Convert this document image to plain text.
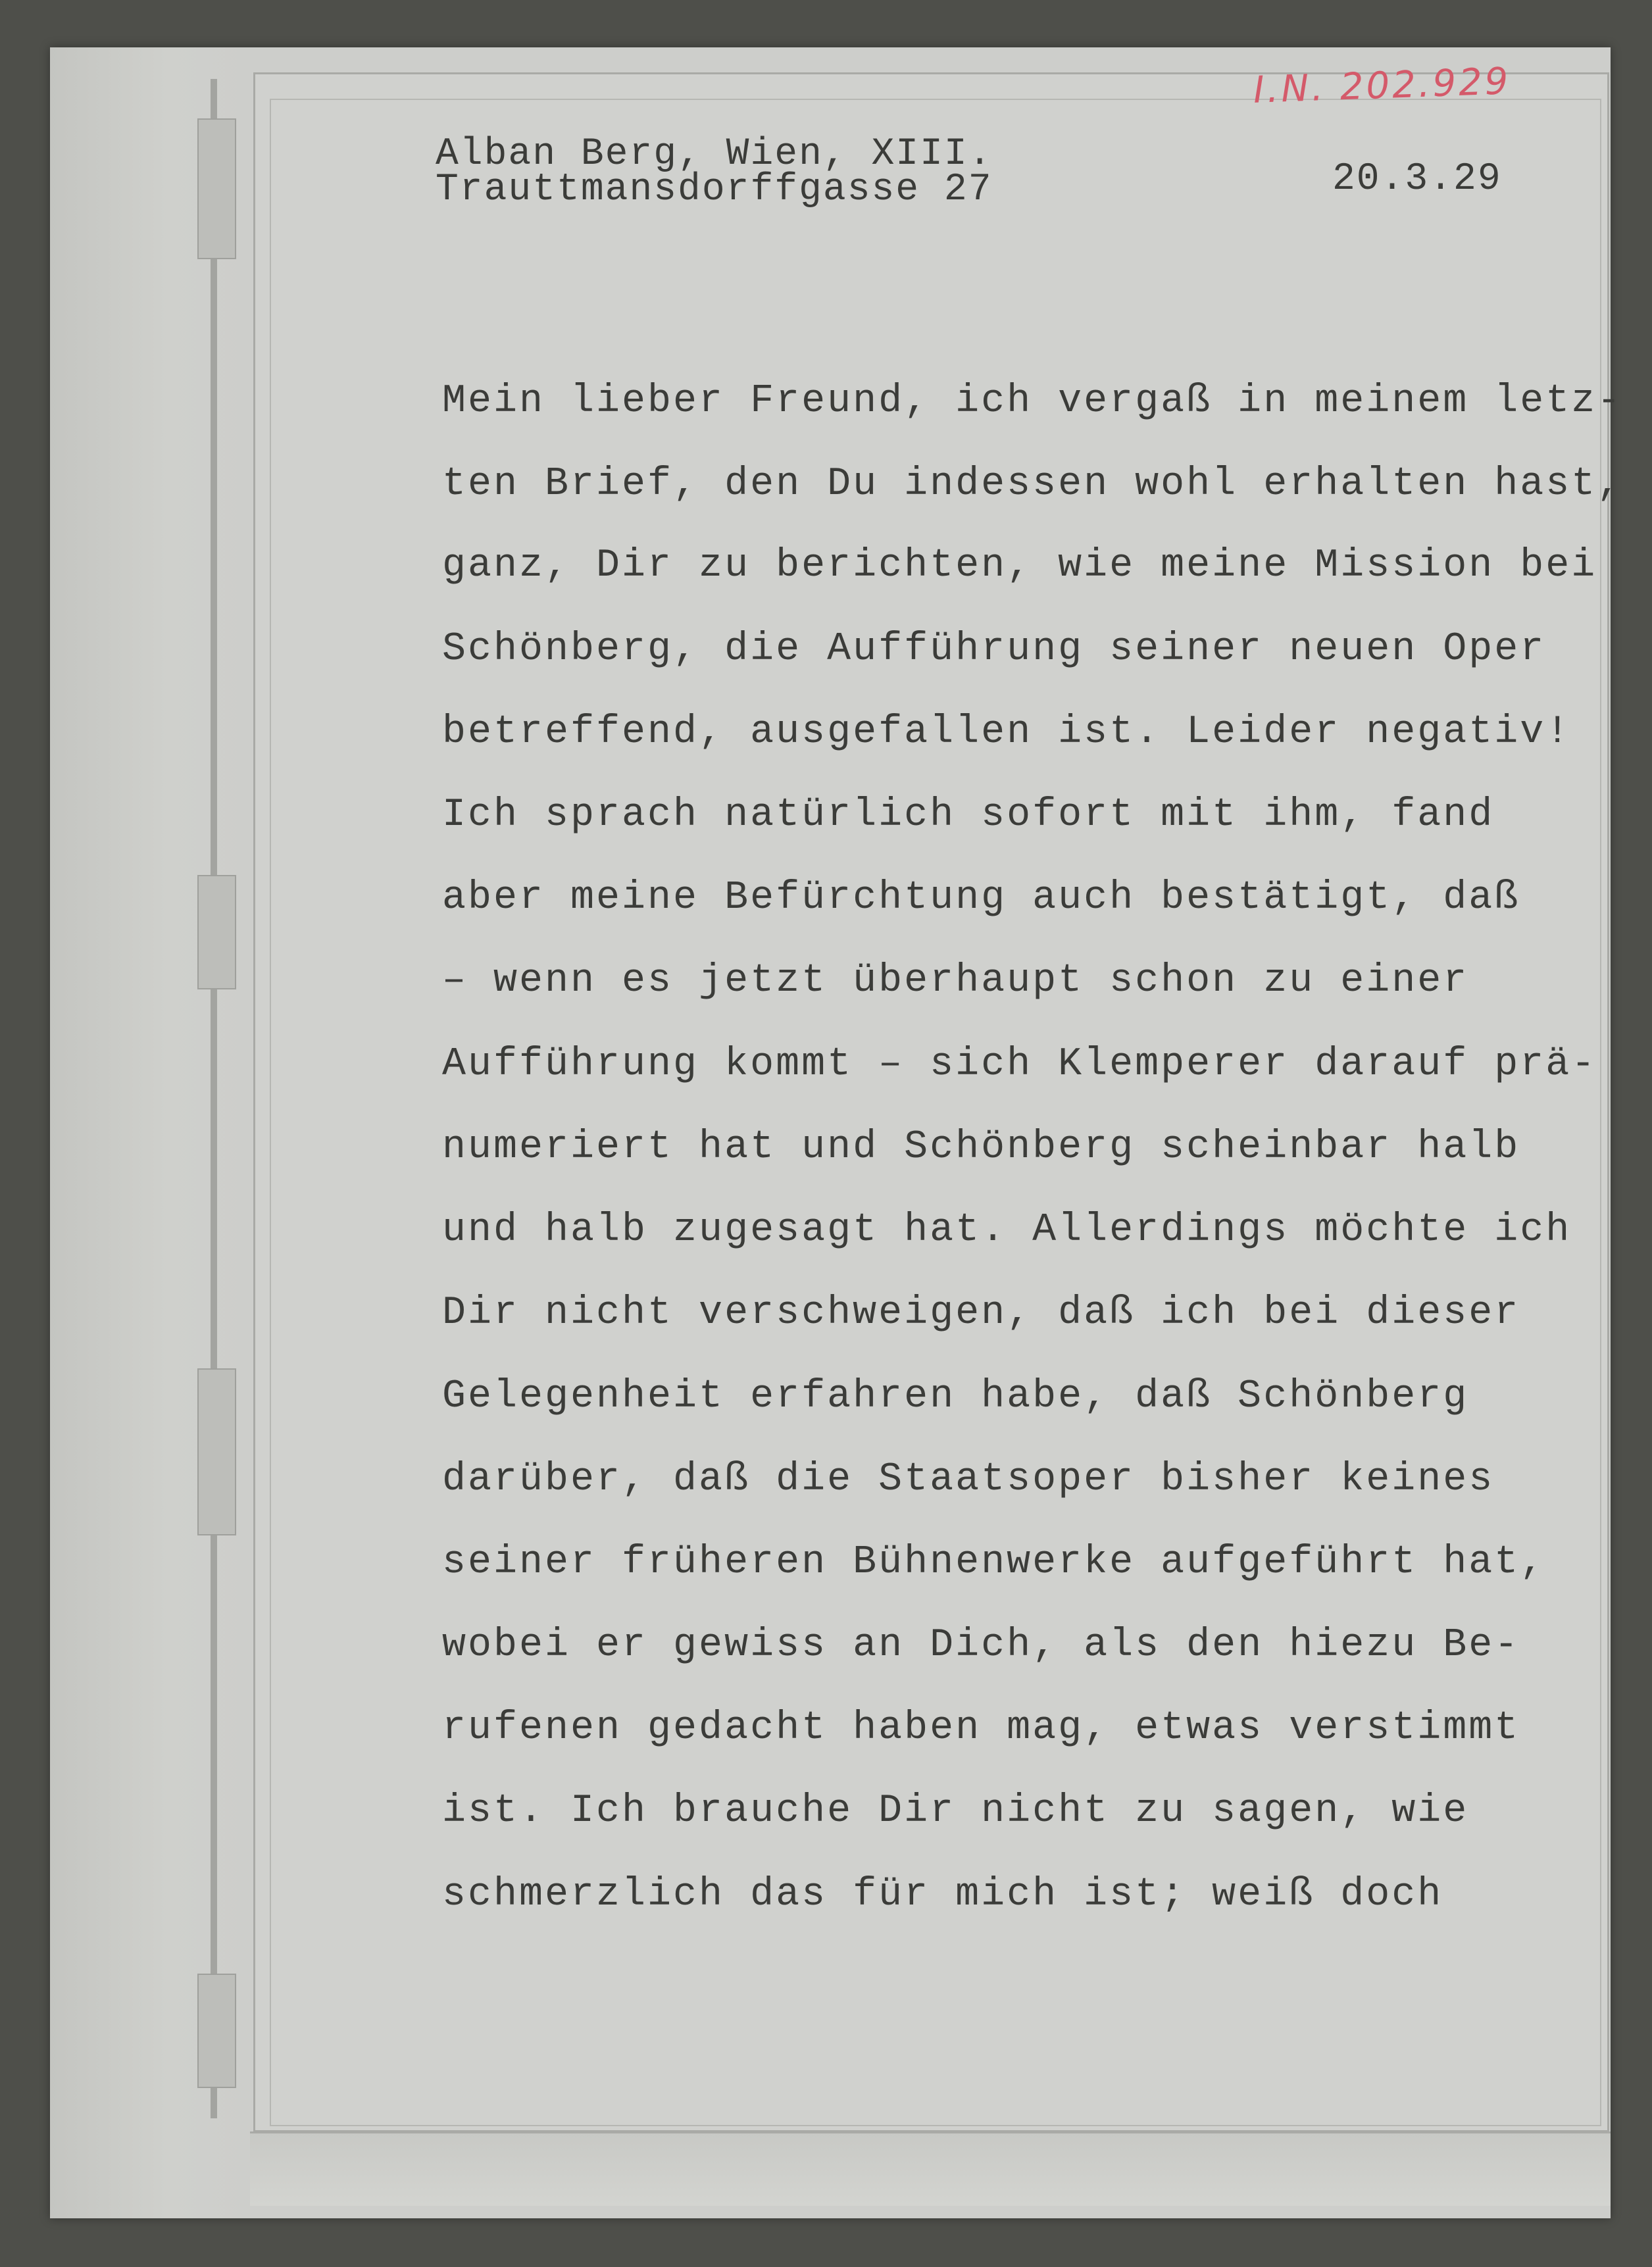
I.N. 202.929
Alban Berg, Wien, XIII.
Trauttmansdorffgasse 27	20.3.29
Mein lieber Freund, ich vergaß in meinem letz-
ten Brief, den Du indessen wohl erhalten hast,
ganz, Dir zu berichten, wie meine Mission bei
Schönberg, die Aufführung seiner neuen Oper
betreffend, ausgefallen ist. Leider negativ!
Ich sprach natürlich sofort mit ihm, fand
aber meine Befürchtung auch bestätigt, daß
– wenn es jetzt überhaupt schon zu einer
Aufführung kommt – sich Klemperer darauf prä-
numeriert hat und Schönberg scheinbar halb
und halb zugesagt hat. Allerdings möchte ich
Dir nicht verschweigen, daß ich bei dieser
Gelegenheit erfahren habe, daß Schönberg
darüber, daß die Staatsoper bisher keines
seiner früheren Bühnenwerke aufgeführt hat,
wobei er gewiss an Dich, als den hiezu Be-
rufenen gedacht haben mag, etwas verstimmt
ist. Ich brauche Dir nicht zu sagen, wie
schmerzlich das für mich ist; weiß doch
